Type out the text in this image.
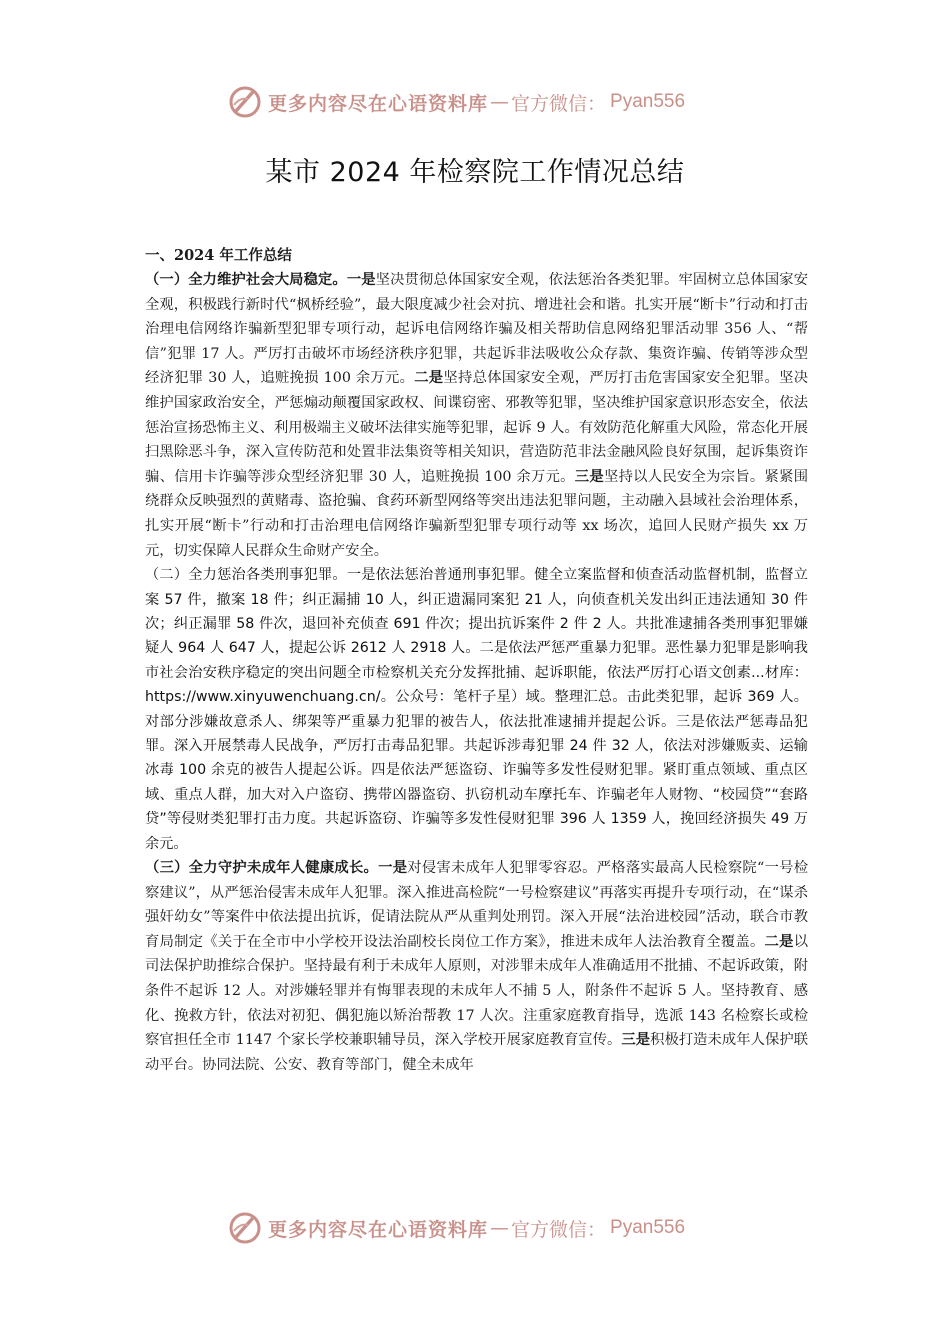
更多内容尽在心语资料库 — 官方微信： Pyan556
某市 2024 年检察院工作情况总结
一、2024 年工作总结

（一）全力维护社会大局稳定。一是坚决贯彻总体国家安全观，依法惩治各类犯罪。牢固树立总体国家安全观，积极践行新时代“枫桥经验”，最大限度减少社会对抗、增进社会和谐。扎实开展“断卡”行动和打击治理电信网络诈骗新型犯罪专项行动，起诉电信网络诈骗及相关帮助信息网络犯罪活动罪 356 人、“帮信”犯罪 17 人。严厉打击破坏市场经济秩序犯罪，共起诉非法吸收公众存款、集资诈骗、传销等涉众型经济犯罪 30 人，追赃挽损 100 余万元。二是坚持总体国家安全观，严厉打击危害国家安全犯罪。坚决维护国家政治安全，严惩煽动颠覆国家政权、间谍窃密、邪教等犯罪，坚决维护国家意识形态安全，依法惩治宣扬恐怖主义、利用极端主义破坏法律实施等犯罪，起诉 9 人。有效防范化解重大风险，常态化开展扫黑除恶斗争，深入宣传防范和处置非法集资等相关知识，营造防范非法金融风险良好氛围，起诉集资诈骗、信用卡诈骗等涉众型经济犯罪 30 人，追赃挽损 100 余万元。三是坚持以人民安全为宗旨。紧紧围绕群众反映强烈的黄赌毒、盗抢骗、食药环新型网络等突出违法犯罪问题，主动融入县域社会治理体系，扎实开展“断卡”行动和打击治理电信网络诈骗新型犯罪专项行动等 xx 场次，追回人民财产损失 xx 万元，切实保障人民群众生命财产安全。

（二）全力惩治各类刑事犯罪。一是依法惩治普通刑事犯罪。健全立案监督和侦查活动监督机制，监督立案 57 件，撤案 18 件；纠正漏捕 10 人，纠正遗漏同案犯 21 人，向侦查机关发出纠正违法通知 30 件次；纠正漏罪 58 件次，退回补充侦查 691 件次；提出抗诉案件 2 件 2 人。共批准逮捕各类刑事犯罪嫌疑人 964 人 647 人，提起公诉 2612 人 2918 人。二是依法严惩严重暴力犯罪。恶性暴力犯罪是影响我市社会治安秩序稳定的突出问题全市检察机关充分发挥批捕、起诉职能，依法严厉打心语文创素...材库：https://www.xinyuwenchuang.cn/。公众号：笔杆子星）域。整理汇总。击此类犯罪，起诉 369 人。对部分涉嫌故意杀人、绑架等严重暴力犯罪的被告人，依法批准逮捕并提起公诉。三是依法严惩毒品犯罪。深入开展禁毒人民战争，严厉打击毒品犯罪。共起诉涉毒犯罪 24 件 32 人，依法对涉嫌贩卖、运输冰毒 100 余克的被告人提起公诉。四是依法严惩盗窃、诈骗等多发性侵财犯罪。紧盯重点领域、重点区域、重点人群，加大对入户盗窃、携带凶器盗窃、扒窃机动车摩托车、诈骗老年人财物、“校园贷”“套路贷”等侵财类犯罪打击力度。共起诉盗窃、诈骗等多发性侵财犯罪 396 人 1359 人，挽回经济损失 49 万余元。

（三）全力守护未成年人健康成长。一是对侵害未成年人犯罪零容忍。严格落实最高人民检察院“一号检察建议”，从严惩治侵害未成年人犯罪。深入推进高检院“一号检察建议”再落实再提升专项行动，在“谋杀强奸幼女”等案件中依法提出抗诉，促请法院从严从重判处刑罚。深入开展“法治进校园”活动，联合市教育局制定《关于在全市中小学校开设法治副校长岗位工作方案》，推进未成年人法治教育全覆盖。二是以司法保护助推综合保护。坚持最有利于未成年人原则，对涉罪未成年人准确适用不批捕、不起诉政策，附条件不起诉 12 人。对涉嫌轻罪并有悔罪表现的未成年人不捕 5 人，附条件不起诉 5 人。坚持教育、感化、挽救方针，依法对初犯、偶犯施以矫治帮教 17 人次。注重家庭教育指导，选派 143 名检察长或检察官担任全市 1147 个家长学校兼职辅导员，深入学校开展家庭教育宣传。三是积极打造未成年人保护联动平台。协同法院、公安、教育等部门，健全未成年

更多内容尽在心语资料库 — 官方微信： Pyan556
